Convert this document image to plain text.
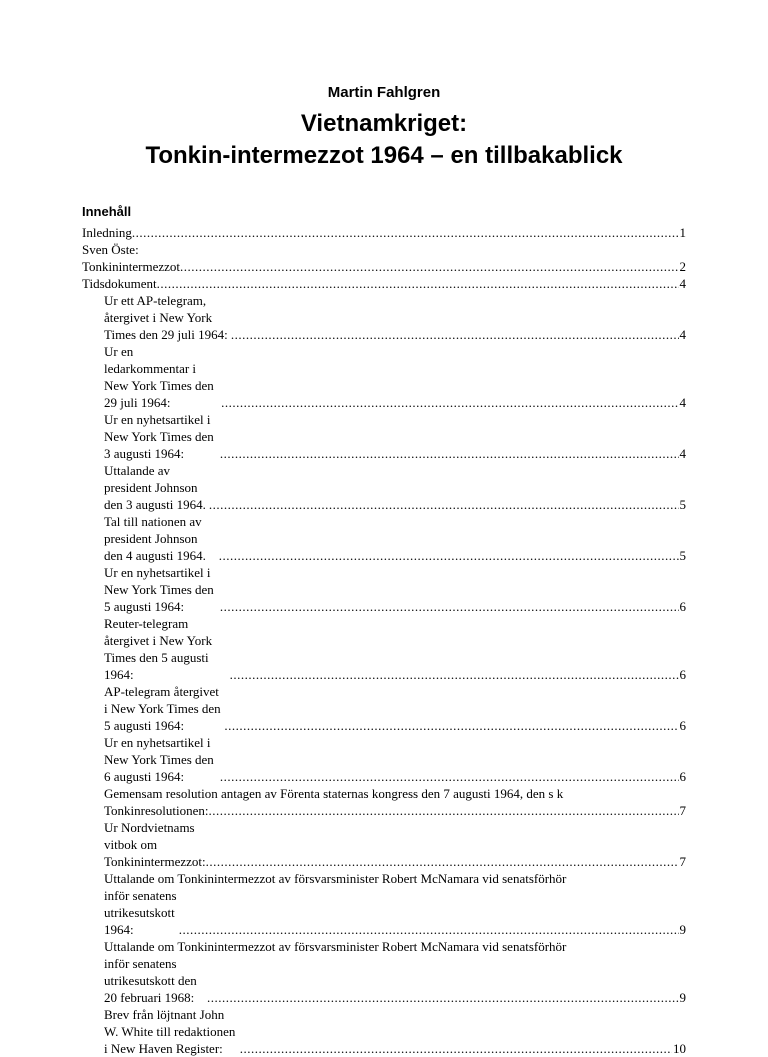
Martin Fahlgren
Vietnamkriget:
Tonkin-intermezzot 1964 – en tillbakablick
Innehåll
Inledning .....	1
Sven Öste: Tonkinintermezzot .....	2
Tidsdokument .....	4
Ur ett AP-telegram, återgivet i New York Times den 29 juli 1964: .....	4
Ur en ledarkommentar i New York Times den 29 juli 1964: .....	4
Ur en nyhetsartikel i New York Times den 3 augusti 1964: .....	4
Uttalande av president Johnson den 3 augusti 1964. .....	5
Tal till nationen av president Johnson den 4 augusti 1964. .....	5
Ur en nyhetsartikel i New York Times den 5 augusti 1964: .....	6
Reuter-telegram återgivet i New York Times den 5 augusti 1964: .....	6
AP-telegram återgivet i New York Times den 5 augusti 1964: .....	6
Ur en nyhetsartikel i New York Times den 6 augusti 1964: .....	6
Gemensam resolution antagen av Förenta staternas kongress den 7 augusti 1964, den s k
Tonkinresolutionen: .....	7
Ur Nordvietnams vitbok om Tonkinintermezzot: .....	7
Uttalande om Tonkinintermezzot av försvarsminister Robert McNamara vid senatsförhör
inför senatens utrikesutskott 1964: .....	9
Uttalande om Tonkinintermezzot av försvarsminister Robert McNamara vid senatsförhör
inför senatens utrikesutskott den 20 februari 1968: .....	9
Brev från löjtnant John W. White till redaktionen i New Haven Register: .....	10
